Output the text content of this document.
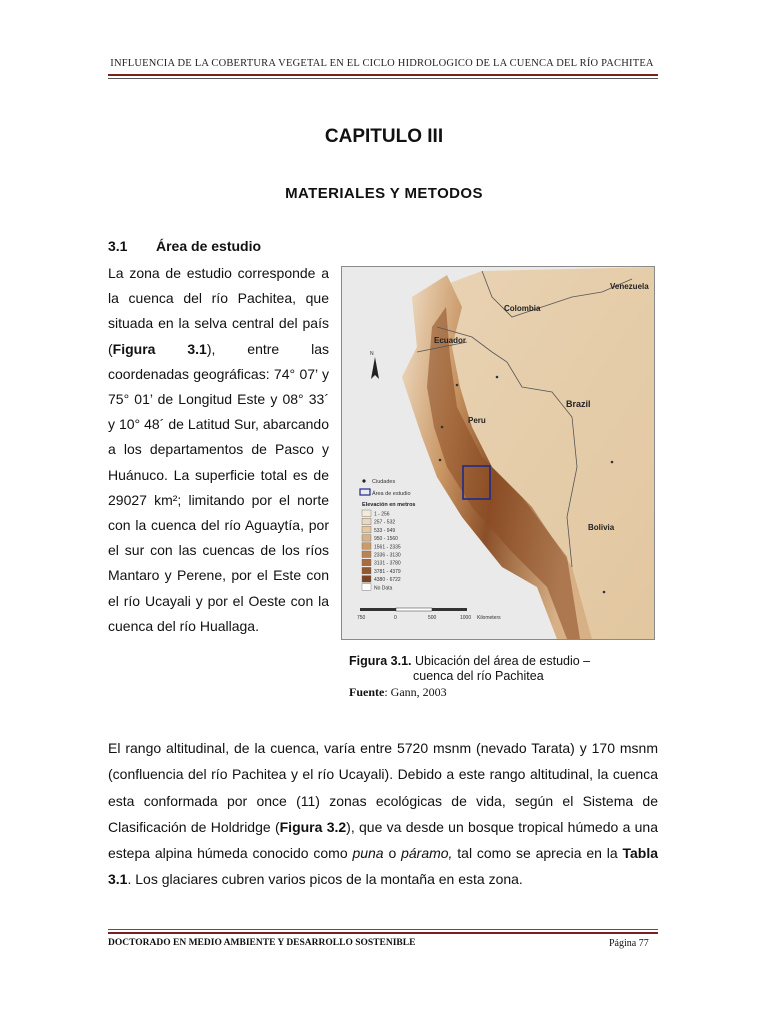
INFLUENCIA DE LA COBERTURA VEGETAL EN EL CICLO HIDROLOGICO DE LA CUENCA DEL RÍO PACHITEA
CAPITULO III
MATERIALES Y METODOS
3.1 Área de estudio
La zona de estudio corresponde a la cuenca del río Pachitea, que situada en la selva central del país (Figura 3.1), entre las coordenadas geográficas: 74° 07’ y 75° 01’ de Longitud Este y 08° 33´ y 10° 48´ de Latitud Sur, abarcando a los departamentos de Pasco y Huánuco. La superficie total es de 29027 km²; limitando por el norte con la cuenca del río Aguaytía, por el sur con las cuencas de los ríos Mantaro y Perene, por el Este con el río Ucayali y por el Oeste con la cuenca del río Huallaga.
N
Venezuela
Colombia
Ecuador
Peru
Brazil
Bolivia
Ciudades
Área de estudio
Elevación en metros
1 - 256
257 - 532
533 - 949
950 - 1560
1561 - 2335
2336 - 3130
3131 - 3780
3781 - 4379
4380 - 6722
No Data
750	0	500	1000 Kilometers
Figura 3.1. Ubicación del área de estudio –
cuenca del río Pachitea
Fuente: Gann, 2003
El rango altitudinal, de la cuenca, varía entre 5720 msnm (nevado Tarata) y 170 msnm (confluencia del río Pachitea y el río Ucayali). Debido a este rango altitudinal, la cuenca esta conformada por once (11) zonas ecológicas de vida, según el Sistema de Clasificación de Holdridge (Figura 3.2), que va desde un bosque tropical húmedo a una estepa alpina húmeda conocido como puna o páramo, tal como se aprecia en la Tabla 3.1. Los glaciares cubren varios picos de la montaña en esta zona.
DOCTORADO EN MEDIO AMBIENTE Y DESARROLLO SOSTENIBLE	Página 77
